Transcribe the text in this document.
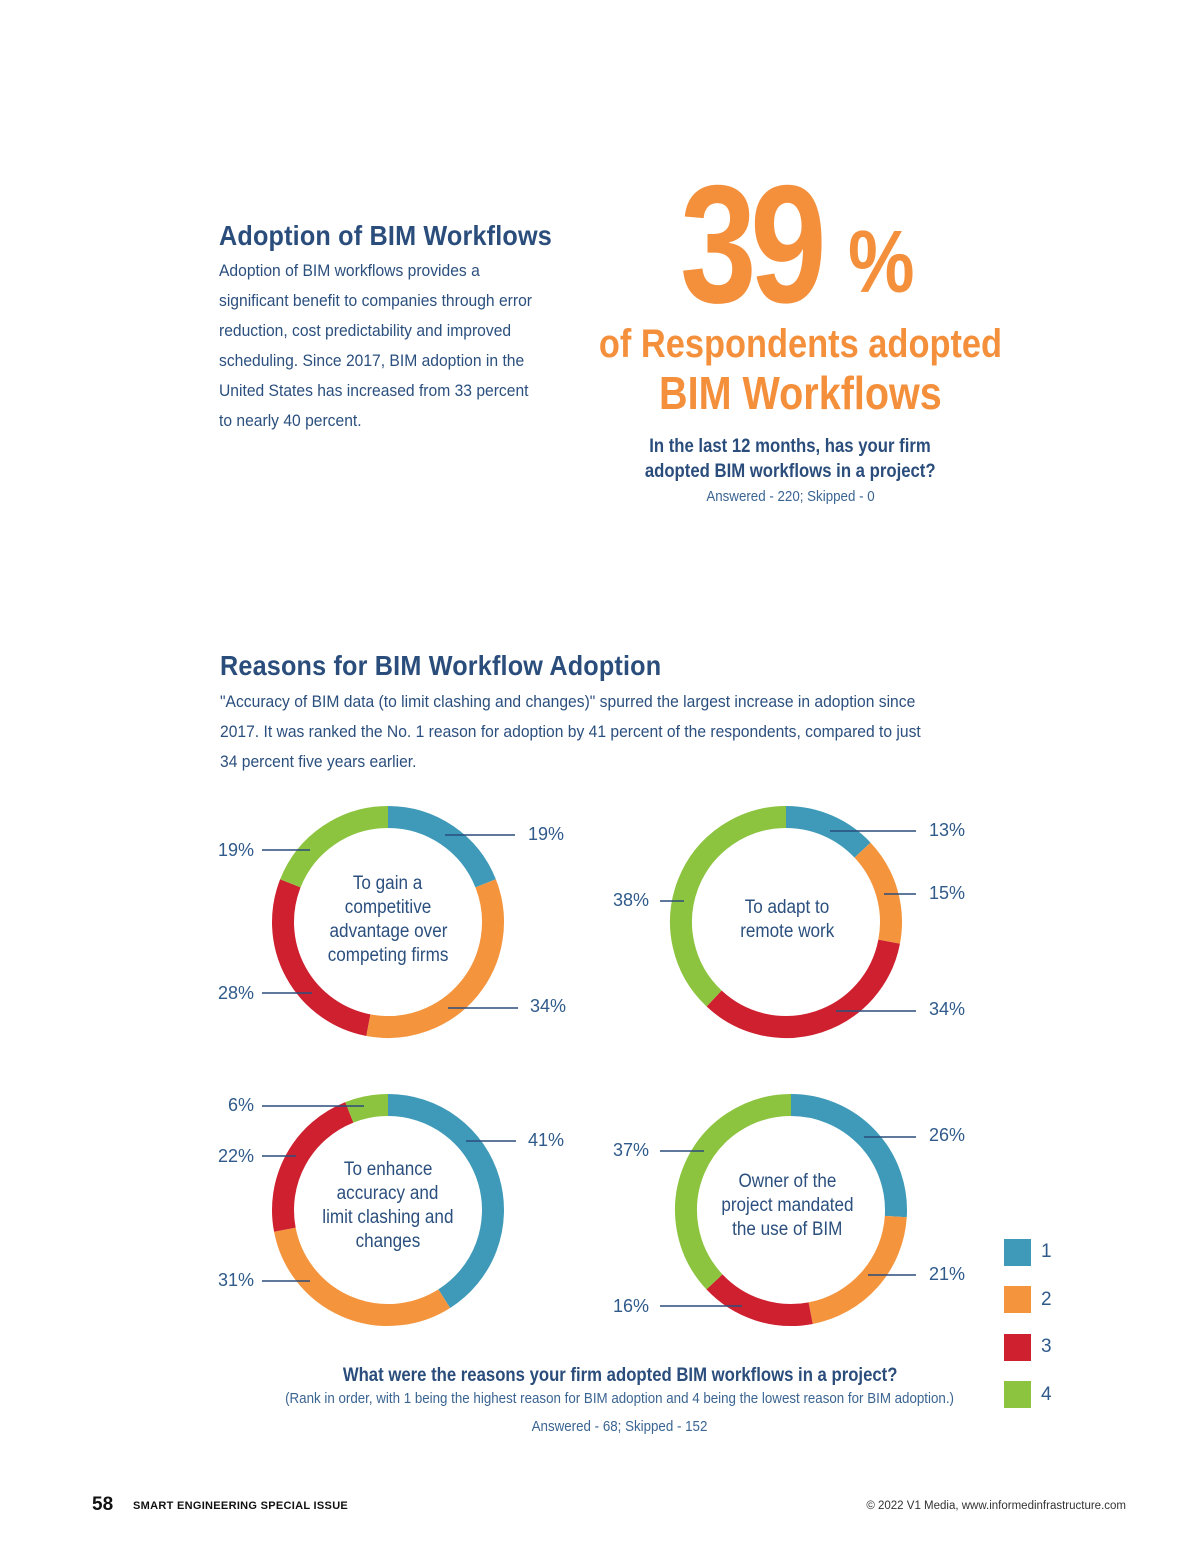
Adoption of BIM Workflows
Adoption of BIM workflows provides a
significant benefit to companies through error
reduction, cost predictability and improved
scheduling. Since 2017, BIM adoption in the
United States has increased from 33 percent
to nearly 40 percent.
39 %
of Respondents adopted
BIM Workflows
In the last 12 months, has your firm
adopted BIM workflows in a project?
Answered - 220; Skipped - 0
Reasons for BIM Workflow Adoption
"Accuracy of BIM data (to limit clashing and changes)" spurred the largest increase in adoption since
2017. It was ranked the No. 1 reason for adoption by 41 percent of the respondents, compared to just
34 percent five years earlier.
To gain a
competitive
advantage over
competing firms
To adapt to
remote work
To enhance
accuracy and
limit clashing and
changes
Owner of the
project mandated
the use of BIM
19%
34%
28%
19%
13%
15%
34%
38%
41%
31%
22%
6%
26%
21%
16%
37%
1
2
3
4
What were the reasons your firm adopted BIM workflows in a project?
(Rank in order, with 1 being the highest reason for BIM adoption and 4 being the lowest reason for BIM adoption.)
Answered - 68; Skipped - 152
58 SMART ENGINEERING SPECIAL ISSUE	© 2022 V1 Media, www.informedinfrastructure.com
